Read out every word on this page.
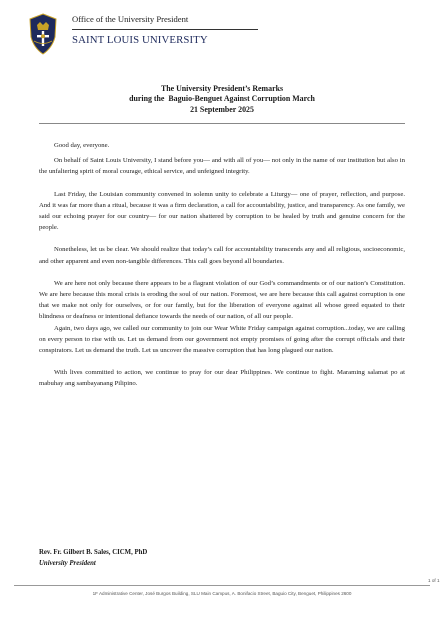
Office of the University President
SAINT LOUIS UNIVERSITY
The University President’s Remarks
during the  Baguio-Benguet Against Corruption March
21 September 2025

Good day, everyone.

On behalf of Saint Louis University, I stand before you— and with all of you— not only in the name of our institution but also in the unfaltering spirit of moral courage, ethical service, and unfeigned integrity.

Last Friday, the Louisian community convened in solemn unity to celebrate a Liturgy— one of prayer, reflection, and purpose. And it was far more than a ritual, because it was a firm declaration, a call for accountability, justice, and transparency. As one family, we said our echoing prayer for our country— for our nation shattered by corruption to be healed by truth and genuine concern for the people.

Nonetheless, let us be clear. We should realize that today’s call for accountability transcends any and all religious, socioeconomic, and other apparent and even non-tangible differences. This call goes beyond all boundaries.

We are here not only because there appears to be a flagrant violation of our God’s commandments or of our nation’s Constitution. We are here because this moral crisis is eroding the soul of our nation. Foremost, we are here because this call against corruption is one that we make not only for ourselves, or for our family, but for the liberation of everyone against all whose greed equated to their blindness or deafness or intentional defiance towards the needs of our nation, of all our people.

Again, two days ago, we called our community to join our Wear White Friday campaign against corruption...today, we are calling on every person to rise with us. Let us demand from our government not empty promises of going after the corrupt officials and their conspirators. Let us demand the truth. Let us uncover the massive corruption that has long plagued our nation.

With lives committed to action, we continue to pray for our dear Philippines. We continue to fight. Maraming salamat po at mabuhay ang sambayanang Pilipino.

Rev. Fr. Gilbert B. Sales, CICM, PhD
University President
1 of 1
1F Administrative Center, José Burgos Building, SLU Main Campus, A. Bonifacio Street, Baguio City, Benguet, Philippines 2600
